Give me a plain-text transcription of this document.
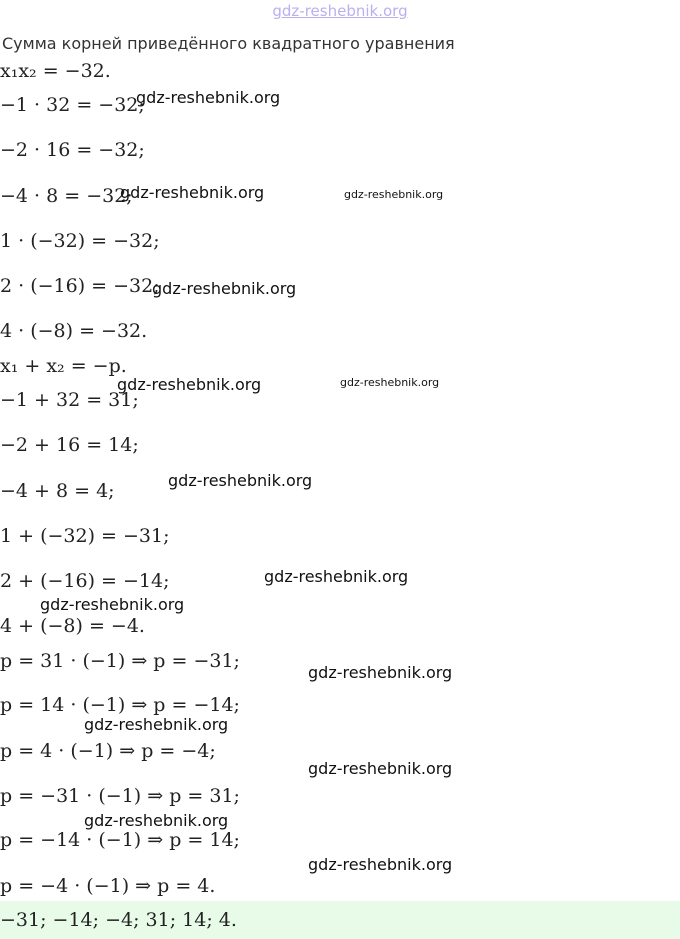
gdz-reshebnik.org
Сумма корней приведённого квадратного уравнения
x₁x₂ = −32.
−1 · 32 = −32;
−2 · 16 = −32;
−4 · 8 = −32;
1 · (−32) = −32;
2 · (−16) = −32;
4 · (−8) = −32.
x₁ + x₂ = −p.
−1 + 32 = 31;
−2 + 16 = 14;
−4 + 8 = 4;
1 + (−32) = −31;
2 + (−16) = −14;
4 + (−8) = −4.
p = 31 · (−1) ⇒ p = −31;
p = 14 · (−1) ⇒ p = −14;
p = 4 · (−1) ⇒ p = −4;
p = −31 · (−1) ⇒ p = 31;
p = −14 · (−1) ⇒ p = 14;
p = −4 · (−1) ⇒ p = 4.
−31; −14; −4; 31; 14; 4.
gdz-reshebnik.org
gdz-reshebnik.org	gdz-reshebnik.org
gdz-reshebnik.org
gdz-reshebnik.org	gdz-reshebnik.org
gdz-reshebnik.org
gdz-reshebnik.org
gdz-reshebnik.org
gdz-reshebnik.org
gdz-reshebnik.org
gdz-reshebnik.org
gdz-reshebnik.org
gdz-reshebnik.org
